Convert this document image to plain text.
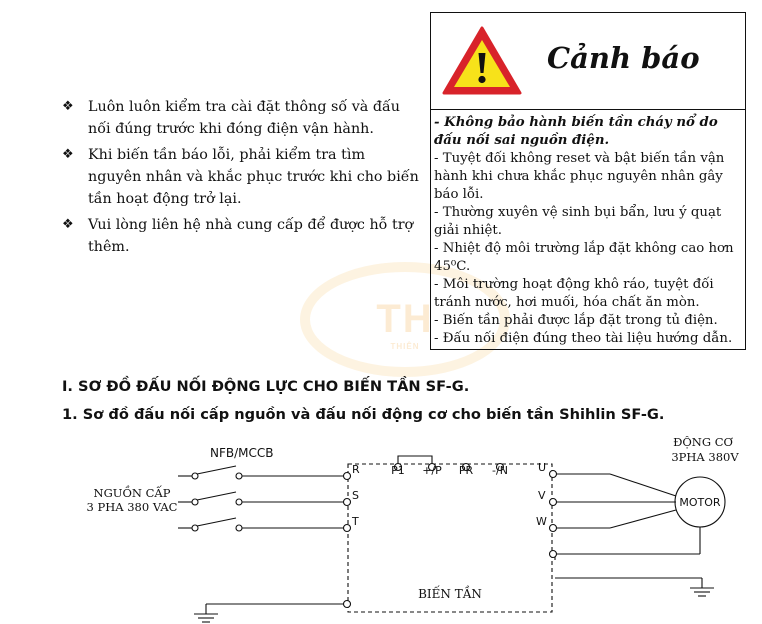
TH
THIÊN
❖ Luôn luôn kiểm tra cài đặt thông số và đấu nối đúng trước khi đóng điện vận hành.
❖ Khi biến tần báo lỗi, phải kiểm tra tìm nguyên nhân và khắc phục trước khi cho biến tần hoạt động trở lại.
❖ Vui lòng liên hệ nhà cung cấp để được hỗ trợ thêm.
Cảnh báo

- Không bảo hành biến tần cháy nổ do đấu nối sai nguồn điện.

- Tuyệt đối không reset và bật biến tần vận hành khi chưa khắc phục nguyên nhân gây báo lỗi.

- Thường xuyên vệ sinh bụi bẩn, lưu ý quạt giải nhiệt.

- Nhiệt độ môi trường lắp đặt không cao hơn 45⁰C.

- Môi trường hoạt động khô ráo, tuyệt đối tránh nước, hơi muối, hóa chất ăn mòn.

- Biến tần phải được lắp đặt trong tủ điện.

- Đấu nối điện đúng theo tài liệu hướng dẫn.

I. SƠ ĐỒ ĐẤU NỐI ĐỘNG LỰC CHO BIẾN TẦN SF-G.
1. Sơ đồ đấu nối cấp nguồn và đấu nối động cơ cho biến tần Shihlin SF-G.
NFB/MCCB
NGUỒN CẤP
3 PHA 380 VAC
R
S
T
P1 +/P PR -/N	U
V
W
BIẾN TẦN
ĐỘNG CƠ
3PHA 380V
MOTOR
